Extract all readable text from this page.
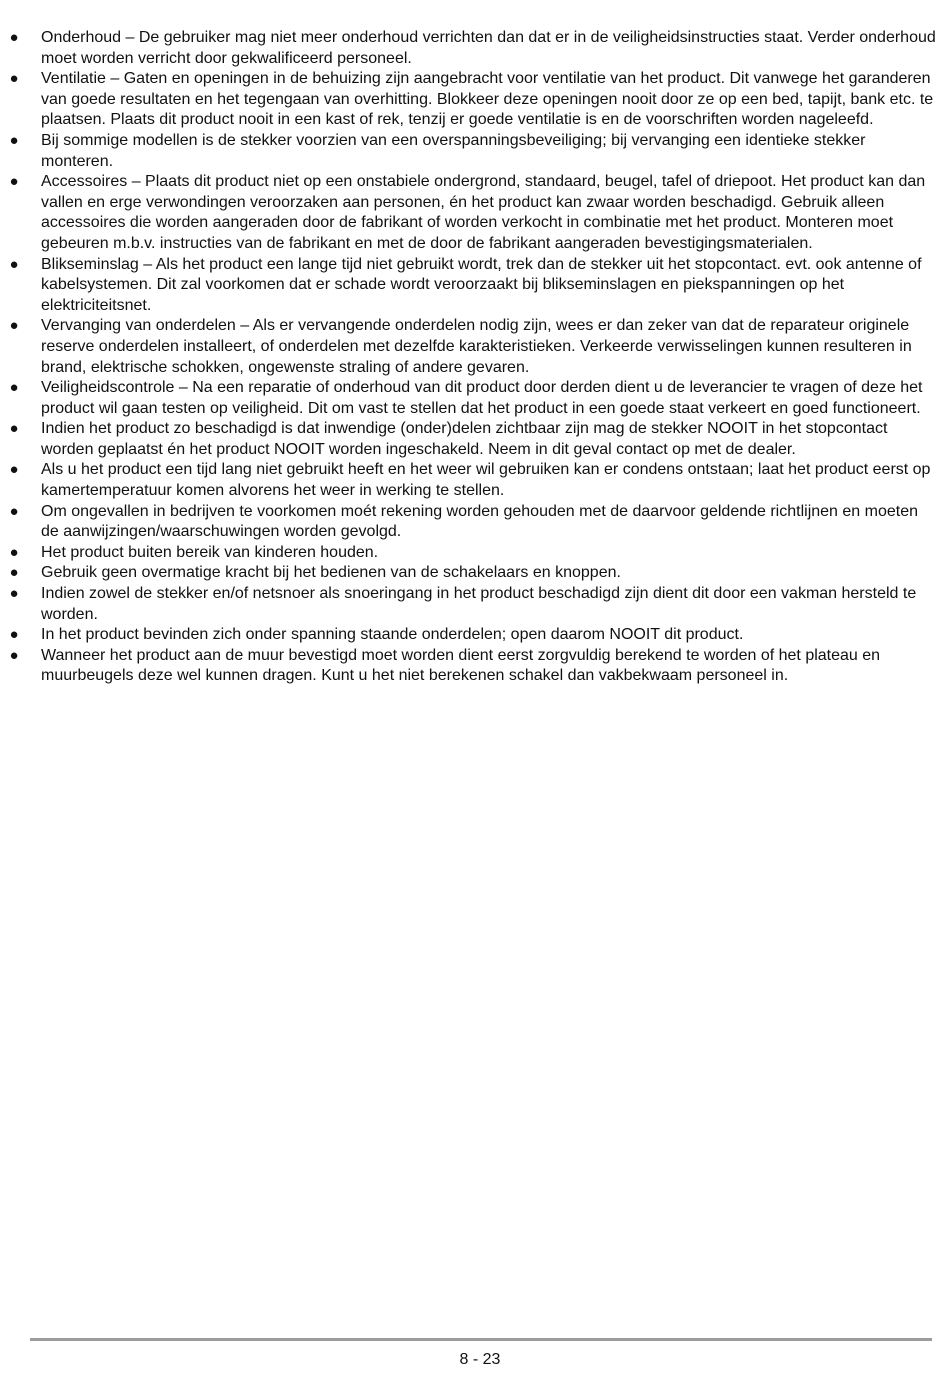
● Onderhoud – De gebruiker mag niet meer onderhoud verrichten dan dat er in de veiligheidsinstructies staat. Verder onderhoud moet worden verricht door gekwalificeerd personeel.
● Ventilatie – Gaten en openingen in de behuizing zijn aangebracht voor ventilatie van het product. Dit vanwege het garanderen van goede resultaten en het tegengaan van overhitting. Blokkeer deze openingen nooit door ze op een bed, tapijt, bank etc. te plaatsen. Plaats dit product nooit in een kast of rek, tenzij er goede ventilatie is en de voorschriften worden nageleefd.
● Bij sommige modellen is de stekker voorzien van een overspanningsbeveiliging; bij vervanging een identieke stekker monteren.
● Accessoires – Plaats dit product niet op een onstabiele ondergrond, standaard, beugel, tafel of driepoot. Het product kan dan vallen en erge verwondingen veroorzaken aan personen, én het product kan zwaar worden beschadigd. Gebruik alleen accessoires die worden aangeraden door de fabrikant of worden verkocht in combinatie met het product. Monteren moet gebeuren m.b.v. instructies van de fabrikant en met de door de fabrikant aangeraden bevestigingsmaterialen.
● Blikseminslag – Als het product een lange tijd niet gebruikt wordt, trek dan de stekker uit het stopcontact. evt. ook antenne of kabelsystemen. Dit zal voorkomen dat er schade wordt veroorzaakt bij blikseminslagen en piekspanningen op het elektriciteitsnet.
● Vervanging van onderdelen – Als er vervangende onderdelen nodig zijn, wees er dan zeker van dat de reparateur originele reserve onderdelen installeert, of onderdelen met dezelfde karakteristieken. Verkeerde verwisselingen kunnen resulteren in brand, elektrische schokken, ongewenste straling of andere gevaren.
● Veiligheidscontrole – Na een reparatie of onderhoud van dit product door derden dient u de leverancier te vragen of deze het product wil gaan testen op veiligheid. Dit om vast te stellen dat het product in een goede staat verkeert en goed functioneert.
● Indien het product zo beschadigd is dat inwendige (onder)delen zichtbaar zijn mag de stekker NOOIT in het stopcontact worden geplaatst én het product NOOIT worden ingeschakeld. Neem in dit geval contact op met de dealer.
● Als u het product een tijd lang niet gebruikt heeft en het weer wil gebruiken kan er condens ontstaan; laat het product eerst op kamertemperatuur komen alvorens het weer in werking te stellen.
● Om ongevallen in bedrijven te voorkomen moét rekening worden gehouden met de daarvoor geldende richtlijnen en moeten de aanwijzingen/waarschuwingen worden gevolgd.
● Het product buiten bereik van kinderen houden.
● Gebruik geen overmatige kracht bij het bedienen van de schakelaars en knoppen.
● Indien zowel de stekker en/of netsnoer als snoeringang in het product beschadigd zijn dient dit door een vakman hersteld te worden.
● In het product bevinden zich onder spanning staande onderdelen; open daarom NOOIT dit product.
● Wanneer het product aan de muur bevestigd moet worden dient eerst zorgvuldig berekend te worden of het plateau en muurbeugels deze wel kunnen dragen. Kunt u het niet berekenen schakel dan vakbekwaam personeel in.
8 - 23
